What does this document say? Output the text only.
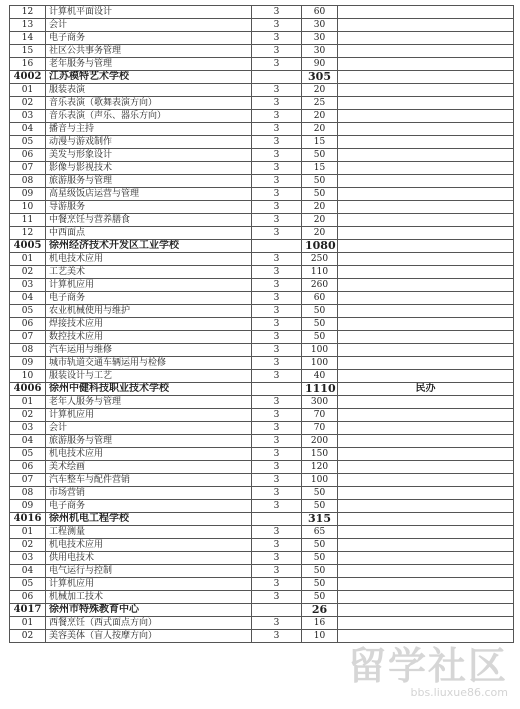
12	计算机平面设计	3	60	
13	会计	3	30	
14	电子商务	3	30	
15	社区公共事务管理	3	30	
16	老年服务与管理	3	90	
4002	江苏模特艺术学校		305	
01	服装表演	3	20	
02	音乐表演（歌舞表演方向）	3	25	
03	音乐表演（声乐、器乐方向）	3	20	
04	播音与主持	3	20	
05	动漫与游戏制作	3	15	
06	美发与形象设计	3	50	
07	影像与影视技术	3	15	
08	旅游服务与管理	3	50	
09	高星级饭店运营与管理	3	50	
10	导游服务	3	20	
11	中餐烹饪与营养膳食	3	20	
12	中西面点	3	20	
4005	徐州经济技术开发区工业学校		1080	
01	机电技术应用	3	250	
02	工艺美术	3	110	
03	计算机应用	3	260	
04	电子商务	3	60	
05	农业机械使用与维护	3	50	
06	焊接技术应用	3	50	
07	数控技术应用	3	50	
08	汽车运用与维修	3	100	
09	城市轨道交通车辆运用与检修	3	100	
10	服装设计与工艺	3	40	
4006	徐州中健科技职业技术学校		1110	民办
01	老年人服务与管理	3	300	
02	计算机应用	3	70	
03	会计	3	70	
04	旅游服务与管理	3	200	
05	机电技术应用	3	150	
06	美术绘画	3	120	
07	汽车整车与配件营销	3	100	
08	市场营销	3	50	
09	电子商务	3	50	
4016	徐州机电工程学校		315	
01	工程测量	3	65	
02	机电技术应用	3	50	
03	供用电技术	3	50	
04	电气运行与控制	3	50	
05	计算机应用	3	50	
06	机械加工技术	3	50	
4017	徐州市特殊教育中心		26	
01	西餐烹饪（西式面点方向）	3	16	
02	美容美体（盲人按摩方向）	3	10	
留学社区
bbs.liuxue86.com
